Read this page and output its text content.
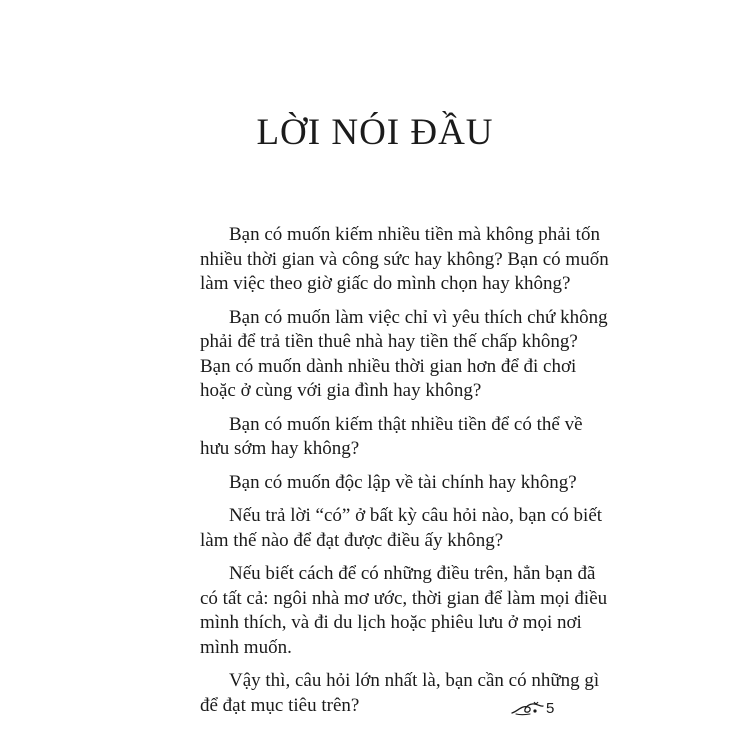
LỜI NÓI ĐẦU

Bạn có muốn kiếm nhiều tiền mà không phải tốn
nhiều thời gian và công sức hay không? Bạn có muốn
làm việc theo giờ giấc do mình chọn hay không?

Bạn có muốn làm việc chỉ vì yêu thích chứ không
phải để trả tiền thuê nhà hay tiền thế chấp không?
Bạn có muốn dành nhiều thời gian hơn để đi chơi
hoặc ở cùng với gia đình hay không?

Bạn có muốn kiếm thật nhiều tiền để có thể về
hưu sớm hay không?

Bạn có muốn độc lập về tài chính hay không?

Nếu trả lời “có” ở bất kỳ câu hỏi nào, bạn có biết
làm thế nào để đạt được điều ấy không?

Nếu biết cách để có những điều trên, hẳn bạn đã
có tất cả: ngôi nhà mơ ước, thời gian để làm mọi điều
mình thích, và đi du lịch hoặc phiêu lưu ở mọi nơi
mình muốn.

Vậy thì, câu hỏi lớn nhất là, bạn cần có những gì
để đạt mục tiêu trên?	5
